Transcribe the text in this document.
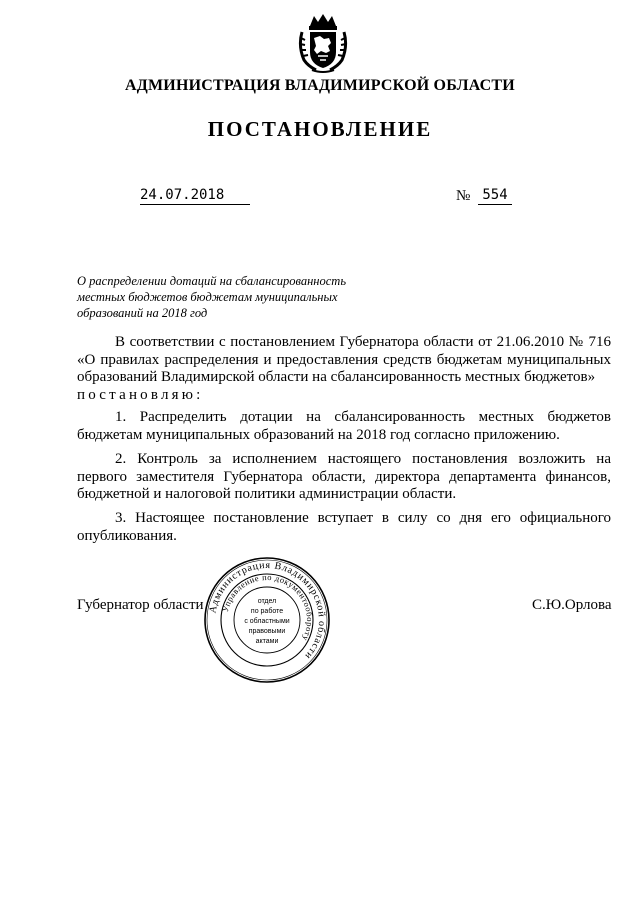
АДМИНИСТРАЦИЯ ВЛАДИМИРСКОЙ ОБЛАСТИ
ПОСТАНОВЛЕНИЕ
24.07.2018	№ 554
О распределении дотаций на сбалансированность местных бюджетов бюджетам муниципальных образований на 2018 год

В соответствии с постановлением Губернатора области от 21.06.2010 № 716 «О правилах распределения и предоставления средств бюджетам муниципальных образований Владимирской области на сбалансированность местных бюджетов»

постановляю:

1. Распределить дотации на сбалансированность местных бюджетов бюджетам муниципальных образований на 2018 год согласно приложению.

2. Контроль за исполнением настоящего постановления возложить на первого заместителя Губернатора области, директора департамента финансов, бюджетной и налоговой политики администрации области.

3. Настоящее постановление вступает в силу со дня его официального опубликования.

Губернатор области	С.Ю.Орлова
Администрация Владимирской области
Управление по документообороту
отдел
по работе
с областными
правовыми
актами
